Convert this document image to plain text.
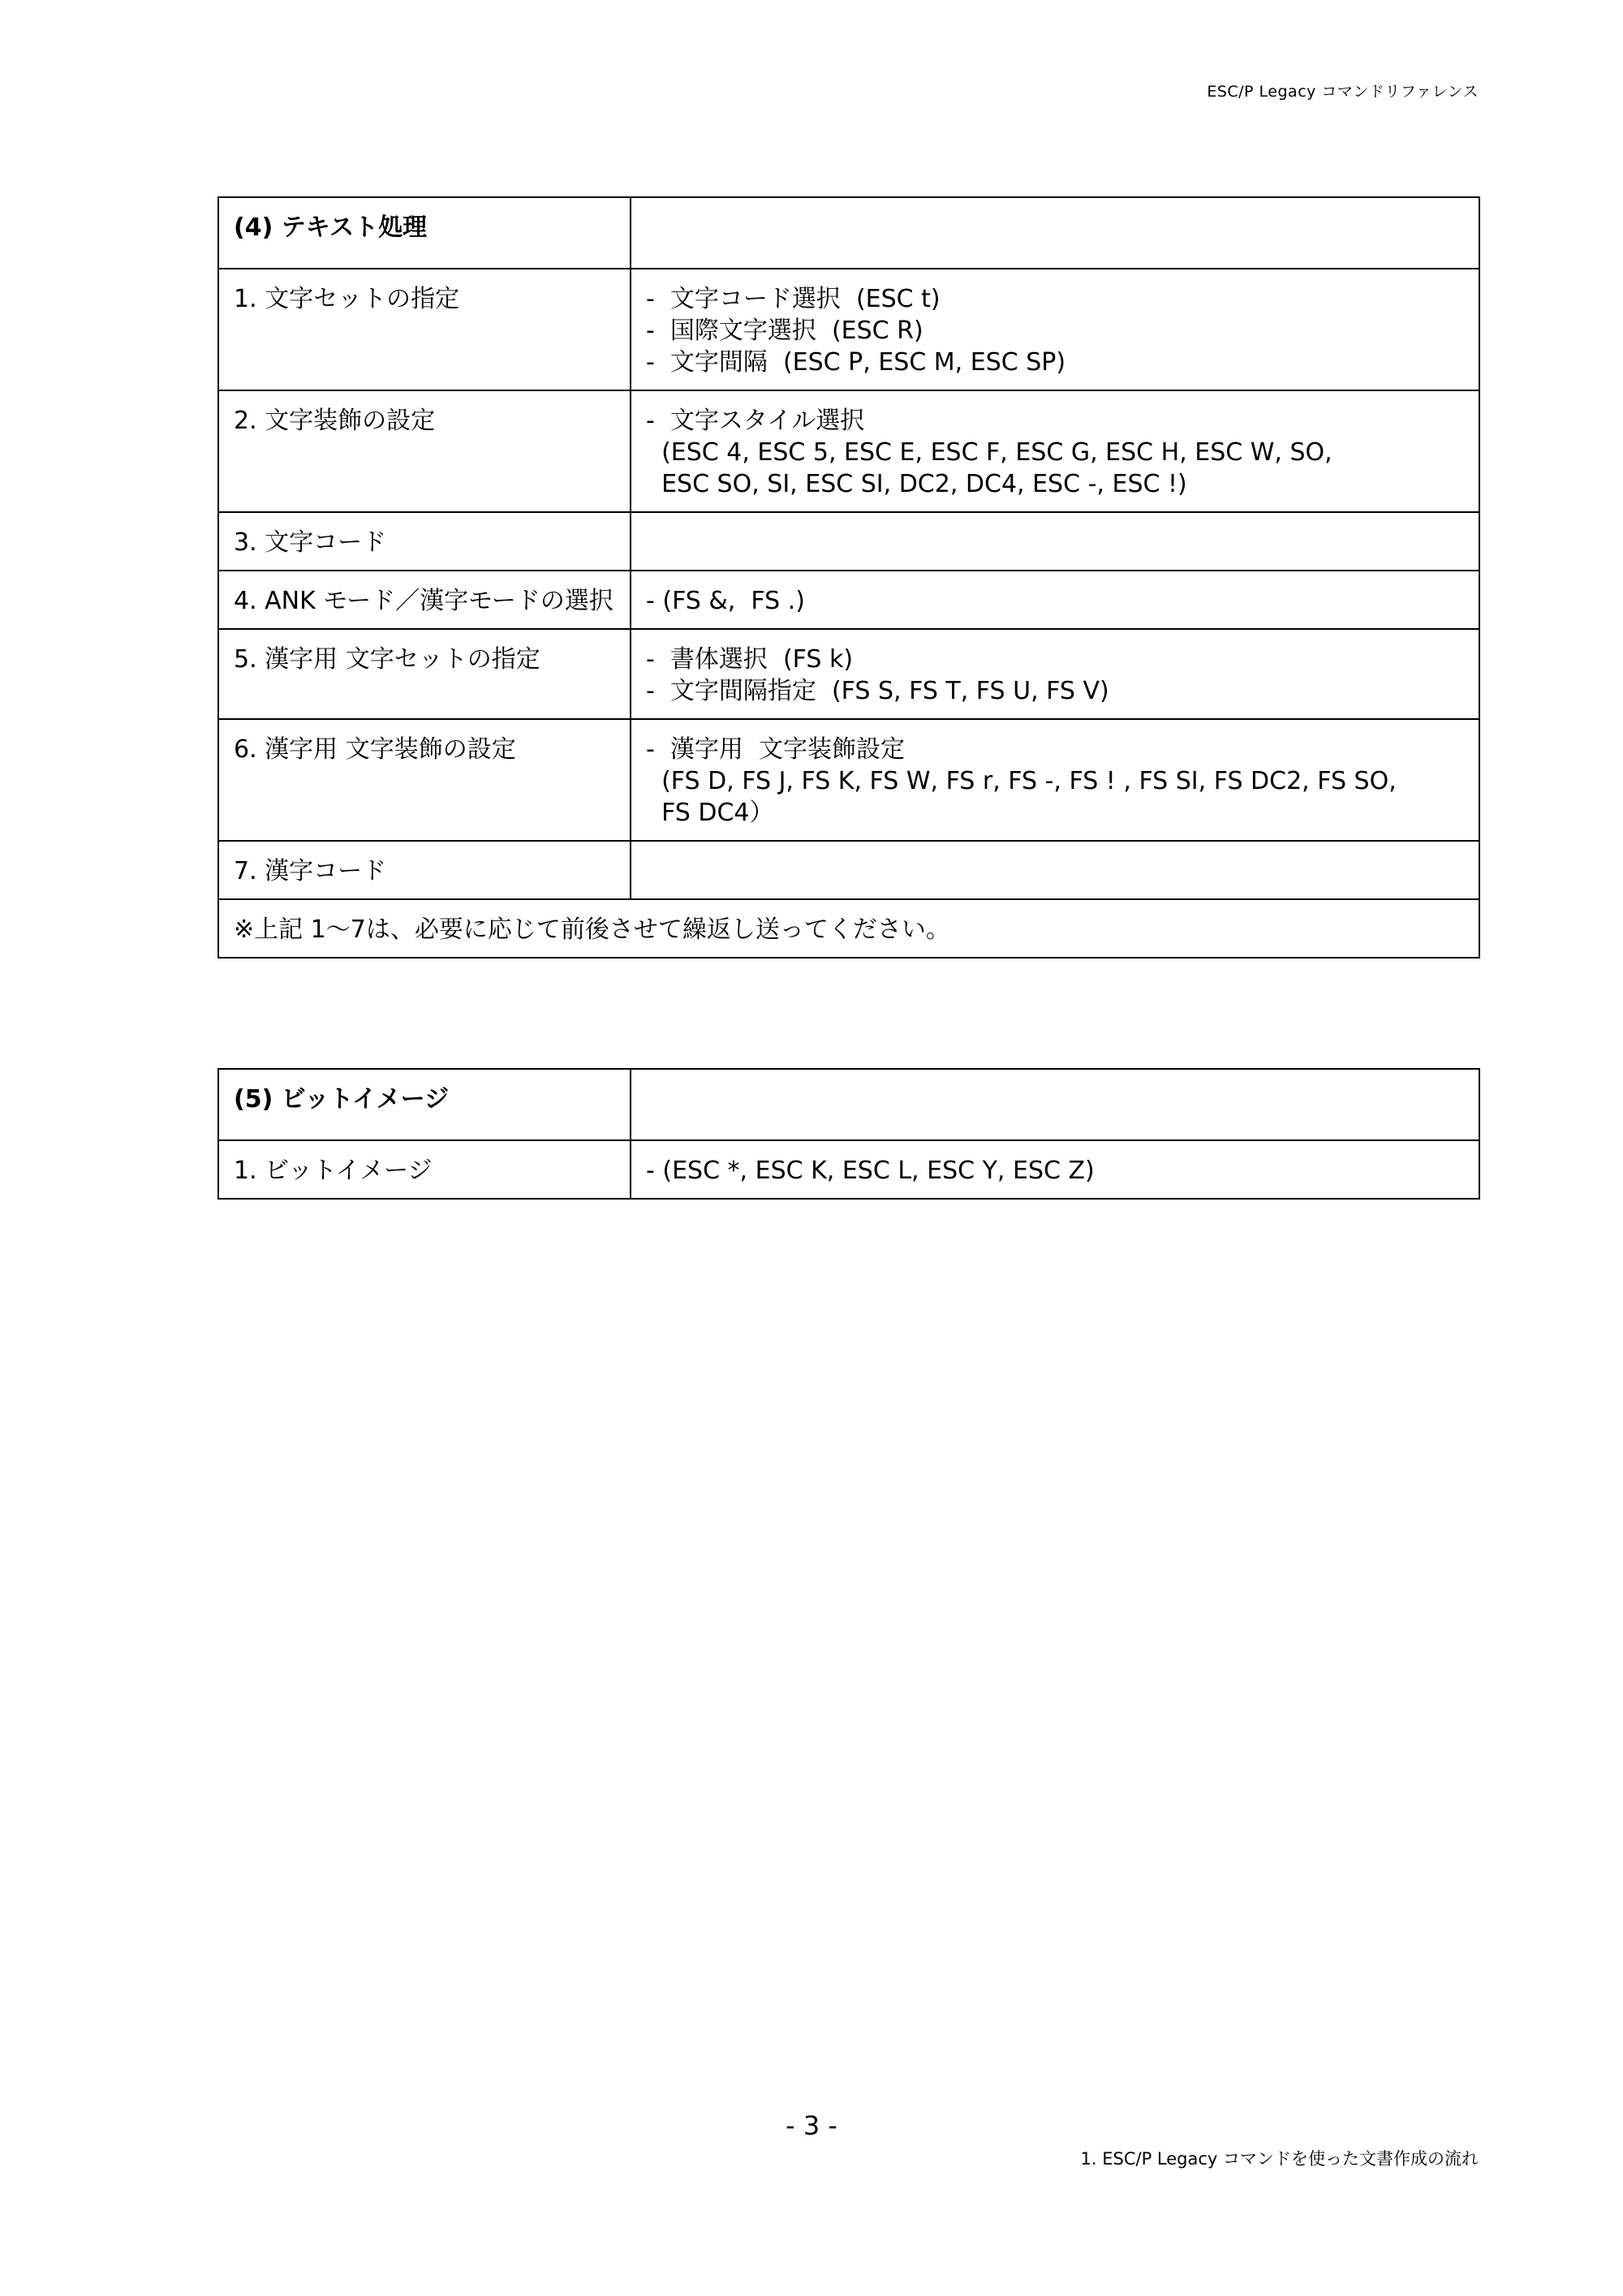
ESC/P Legacy コマンドリファレンス
(4) テキスト処理	
1. 文字セットの指定	-  文字コード選択  (ESC t)
-  国際文字選択  (ESC R)
-  文字間隔  (ESC P, ESC M, ESC SP)

2. 文字装飾の設定	-  文字スタイル選択
(ESC 4, ESC 5, ESC E, ESC F, ESC G, ESC H, ESC W, SO,
ESC SO, SI, ESC SI, DC2, DC4, ESC -, ESC !)

3. 文字コード	

4. ANK モード／漢字モードの選択	- (FS &,  FS .)

5. 漢字用 文字セットの指定	-  書体選択  (FS k)
-  文字間隔指定  (FS S, FS T, FS U, FS V)

6. 漢字用 文字装飾の設定	-  漢字用  文字装飾設定
(FS D, FS J, FS K, FS W, FS r, FS -, FS ! , FS SI, FS DC2, FS SO,
FS DC4）

7. 漢字コード	
※上記 1〜7は、必要に応じて前後させて繰返し送ってください。	
(5) ビットイメージ	
1. ビットイメージ	- (ESC *, ESC K, ESC L, ESC Y, ESC Z)
- 3 -
1. ESC/P Legacy コマンドを使った文書作成の流れ
